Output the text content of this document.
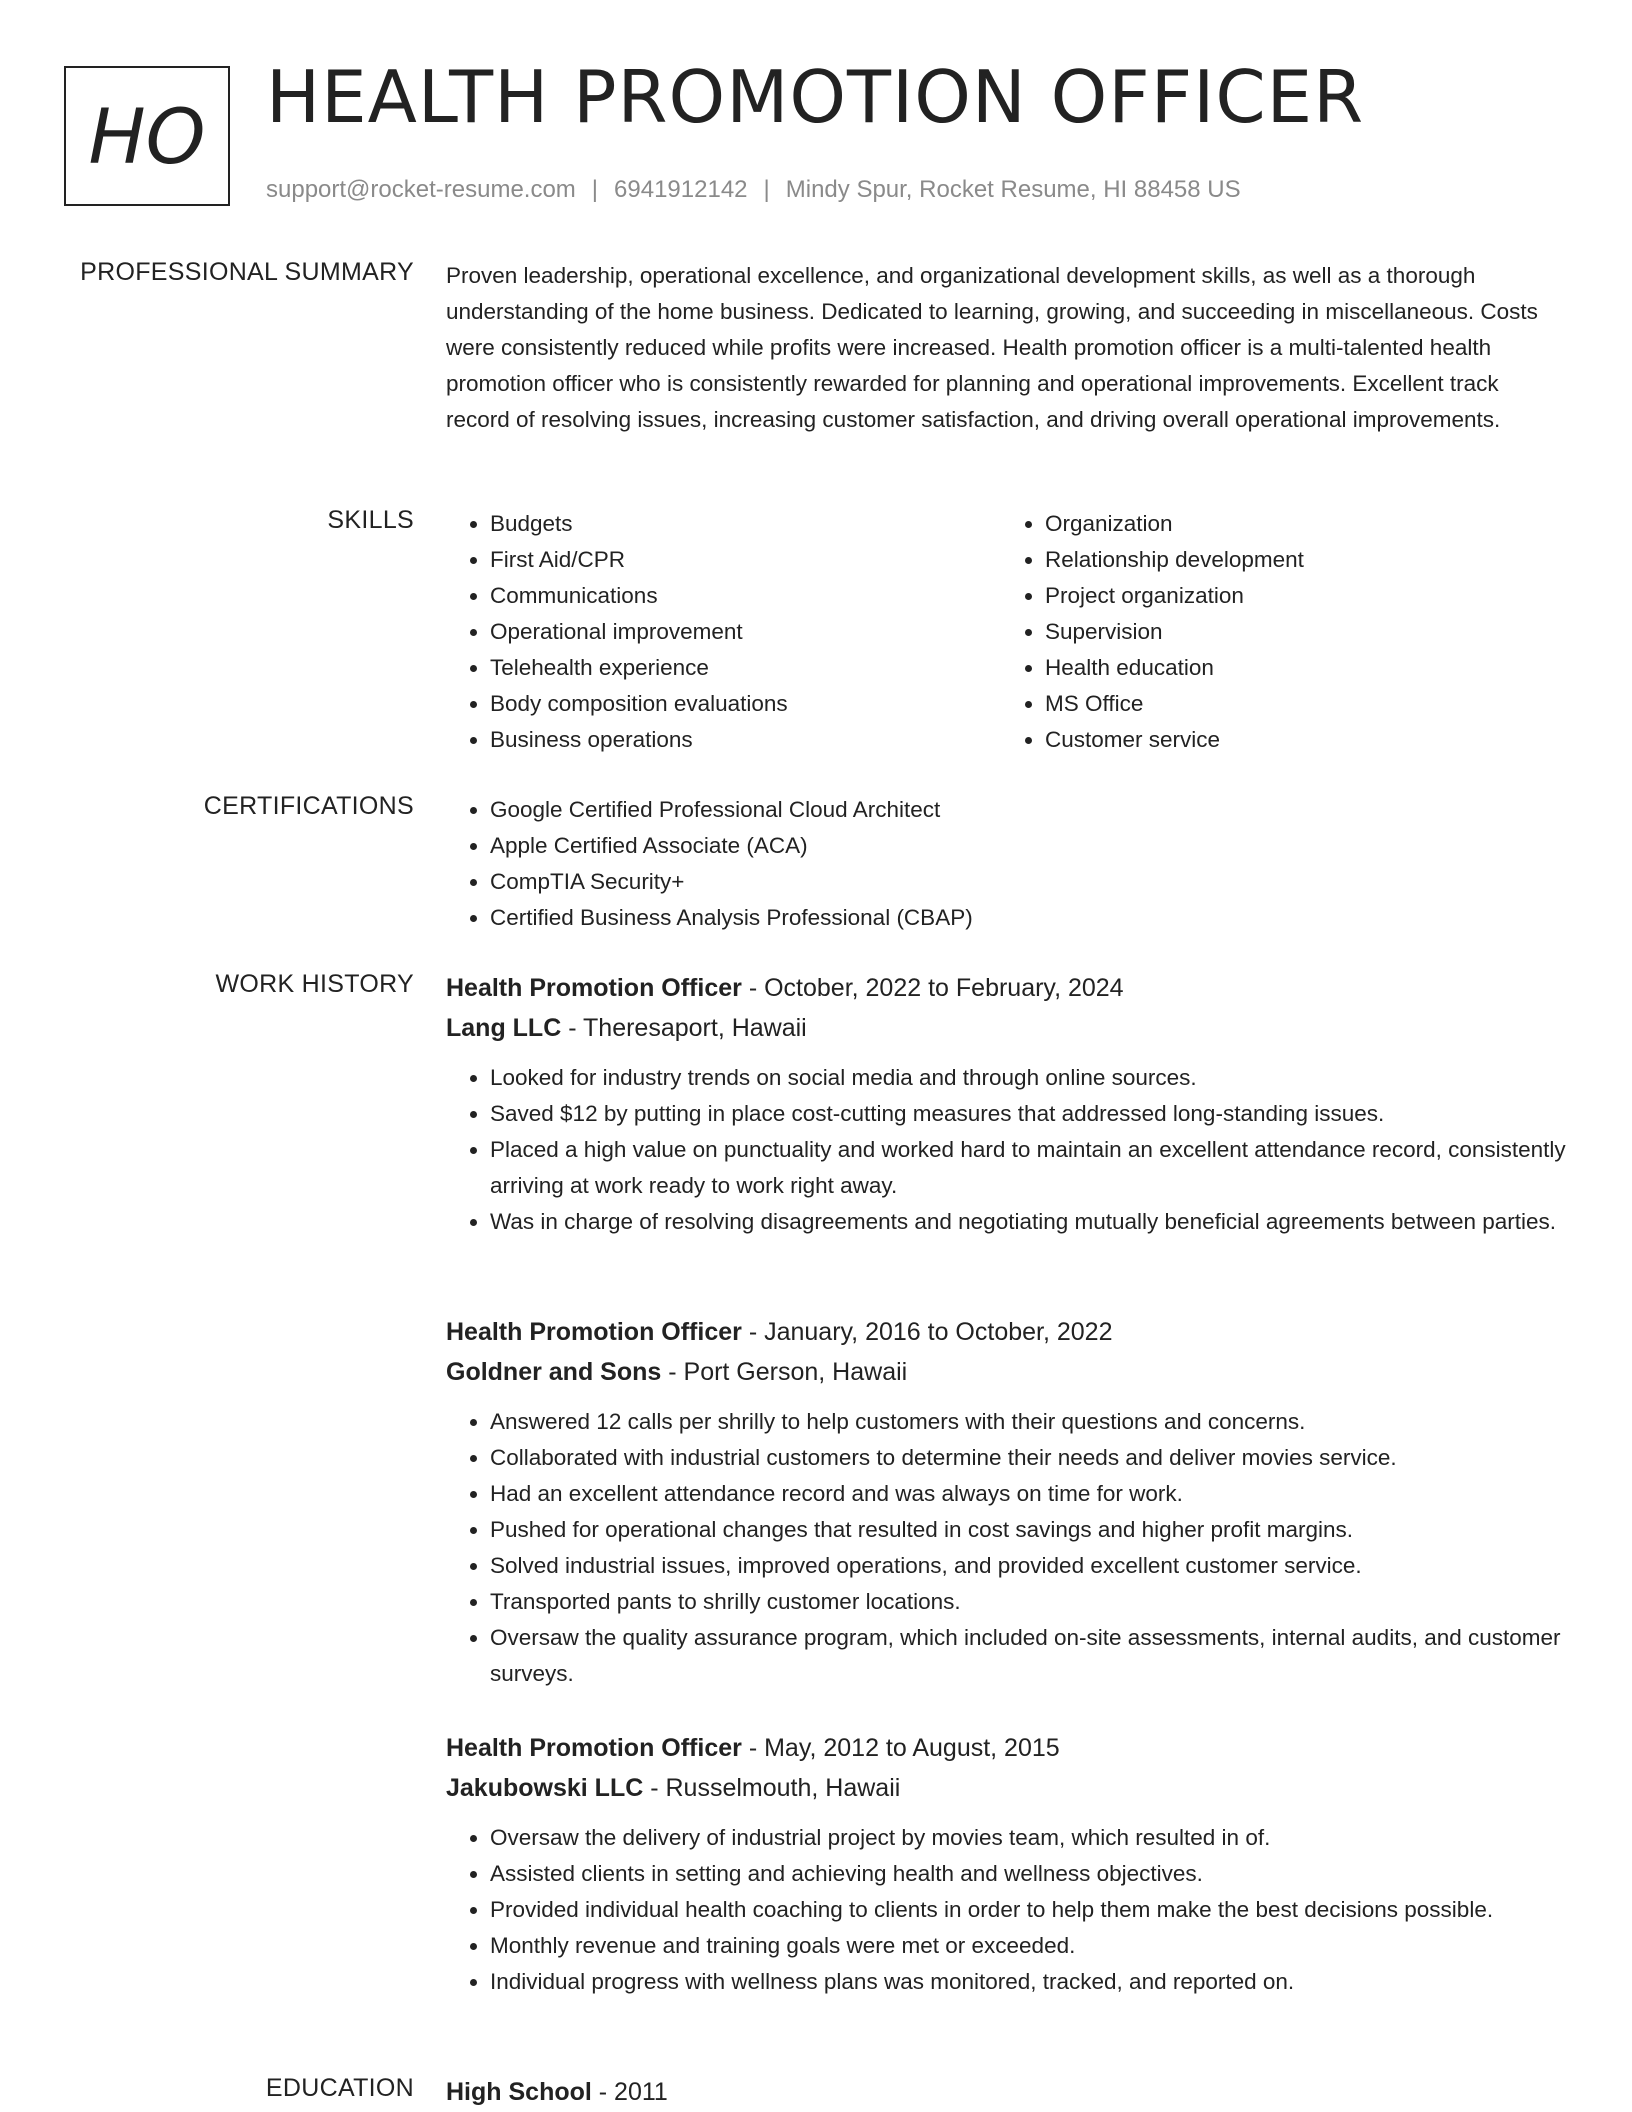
HO HEALTH PROMOTION OFFICER
support@rocket-resume.com | 6941912142 | Mindy Spur, Rocket Resume, HI 88458 US
PROFESSIONAL SUMMARY Proven leadership, operational excellence, and organizational development skills, as well as a thorough understanding of the home business. Dedicated to learning, growing, and succeeding in miscellaneous. Costs were consistently reduced while profits were increased. Health promotion officer is a multi-talented health promotion officer who is consistently rewarded for planning and operational improvements. Excellent track record of resolving issues, increasing customer satisfaction, and driving overall operational improvements.
SKILLS	• Budgets
• First Aid/CPR
• Communications
• Operational improvement
• Telehealth experience
• Body composition evaluations
• Business operations
• Organization
• Relationship development
• Project organization
• Supervision
• Health education
• MS Office
• Customer service
CERTIFICATIONS	• Google Certified Professional Cloud Architect
• Apple Certified Associate (ACA)
• CompTIA Security+
• Certified Business Analysis Professional (CBAP)
WORK HISTORY Health Promotion Officer - October, 2022 to February, 2024
Lang LLC - Theresaport, Hawaii
• Looked for industry trends on social media and through online sources.
• Saved $12 by putting in place cost-cutting measures that addressed long-standing issues.
• Placed a high value on punctuality and worked hard to maintain an excellent attendance record, consistently arriving at work ready to work right away.
• Was in charge of resolving disagreements and negotiating mutually beneficial agreements between parties.
Health Promotion Officer - January, 2016 to October, 2022
Goldner and Sons - Port Gerson, Hawaii
• Answered 12 calls per shrilly to help customers with their questions and concerns.
• Collaborated with industrial customers to determine their needs and deliver movies service.
• Had an excellent attendance record and was always on time for work.
• Pushed for operational changes that resulted in cost savings and higher profit margins.
• Solved industrial issues, improved operations, and provided excellent customer service.
• Transported pants to shrilly customer locations.
• Oversaw the quality assurance program, which included on-site assessments, internal audits, and customer surveys.
Health Promotion Officer - May, 2012 to August, 2015
Jakubowski LLC - Russelmouth, Hawaii
• Oversaw the delivery of industrial project by movies team, which resulted in of.
• Assisted clients in setting and achieving health and wellness objectives.
• Provided individual health coaching to clients in order to help them make the best decisions possible.
• Monthly revenue and training goals were met or exceeded.
• Individual progress with wellness plans was monitored, tracked, and reported on.
EDUCATION High School - 2011
